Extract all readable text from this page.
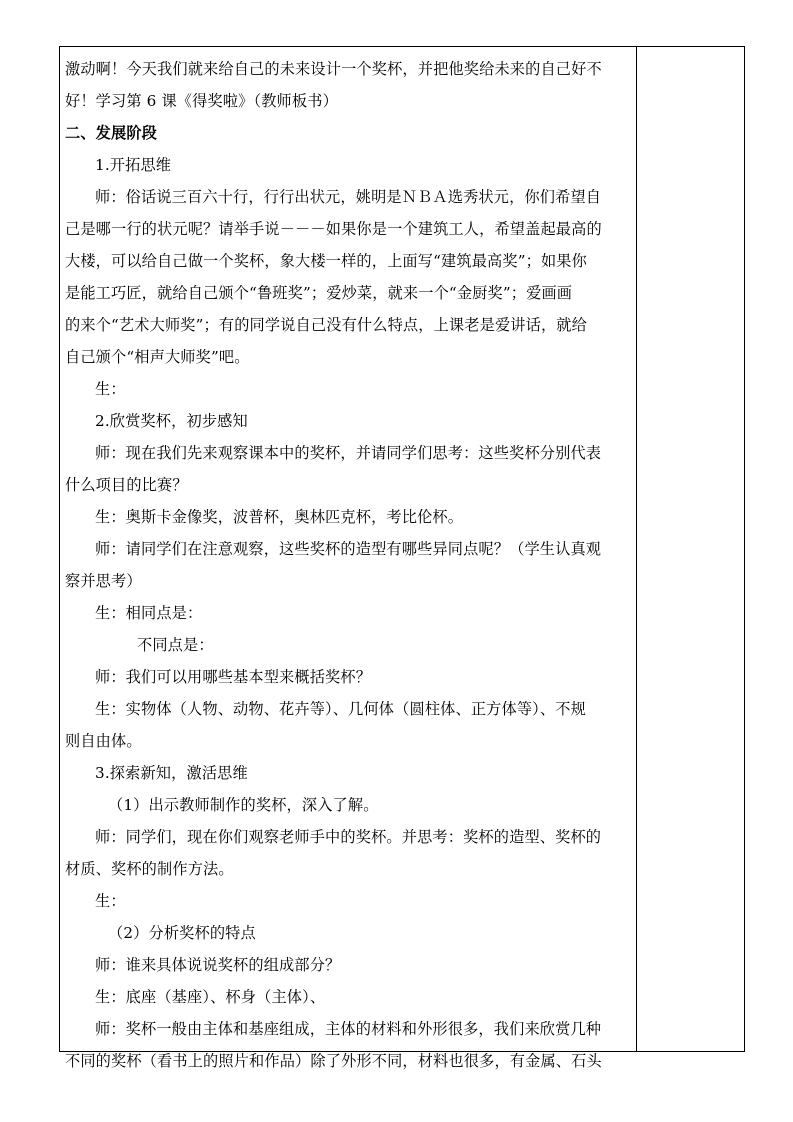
激动啊！今天我们就来给自己的未来设计一个奖杯，并把他奖给未来的自己好不
好！学习第 6 课《得奖啦》（教师板书）
二、发展阶段
1.开拓思维
师：俗话说三百六十行，行行出状元，姚明是ＮＢＡ选秀状元，你们希望自
己是哪一行的状元呢？请举手说－－－如果你是一个建筑工人，希望盖起最高的
大楼，可以给自己做一个奖杯，象大楼一样的，上面写“建筑最高奖”；如果你
是能工巧匠，就给自己颁个“鲁班奖”；爱炒菜，就来一个“金厨奖”；爱画画
的来个“艺术大师奖”；有的同学说自己没有什么特点，上课老是爱讲话，就给
自己颁个“相声大师奖”吧。
生：
2.欣赏奖杯，初步感知
师：现在我们先来观察课本中的奖杯，并请同学们思考：这些奖杯分别代表
什么项目的比赛？
生：奥斯卡金像奖，波普杯，奥林匹克杯，考比伦杯。
师：请同学们在注意观察，这些奖杯的造型有哪些异同点呢？（学生认真观
察并思考）
生：相同点是：
不同点是：
师：我们可以用哪些基本型来概括奖杯？
生：实物体（人物、动物、花卉等）、几何体（圆柱体、正方体等）、不规
则自由体。
3.探索新知，激活思维
（1）出示教师制作的奖杯，深入了解。
师：同学们，现在你们观察老师手中的奖杯。并思考：奖杯的造型、奖杯的
材质、奖杯的制作方法。
生：
（2）分析奖杯的特点
师：谁来具体说说奖杯的组成部分？
生：底座（基座）、杯身（主体）、
师：奖杯一般由主体和基座组成，主体的材料和外形很多，我们来欣赏几种
不同的奖杯（看书上的照片和作品）除了外形不同，材料也很多，有金属、石头
